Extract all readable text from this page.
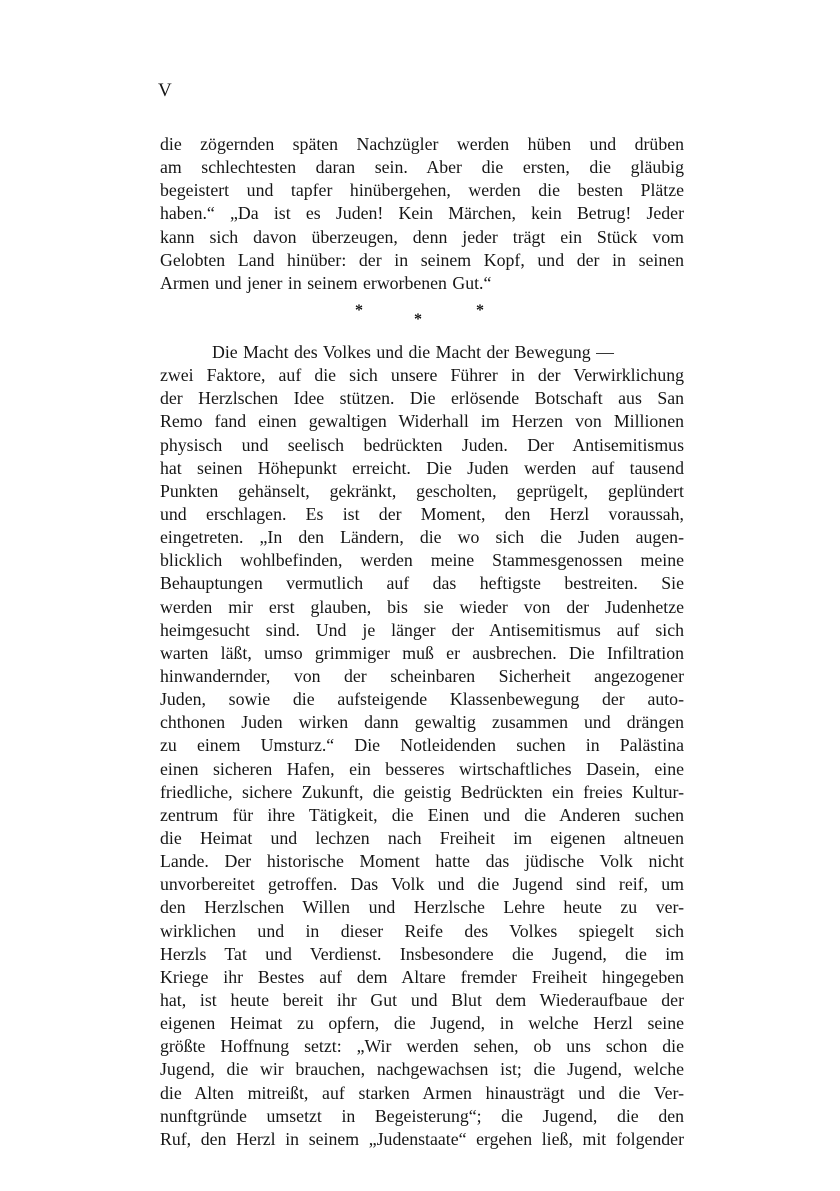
V
die zögernden späten Nachzügler werden hüben und drüben
am schlechtesten daran sein. Aber die ersten, die gläubig
begeistert und tapfer hinübergehen, werden die besten Plätze
haben.“ „Da ist es Juden! Kein Märchen, kein Betrug! Jeder
kann sich davon überzeugen, denn jeder trägt ein Stück vom
Gelobten Land hinüber: der in seinem Kopf, und der in seinen
Armen und jener in seinem erworbenen Gut.“
*
*
*
Die Macht des Volkes und die Macht der Bewegung —
zwei Faktore, auf die sich unsere Führer in der Verwirklichung
der Herzlschen Idee stützen. Die erlösende Botschaft aus San
Remo fand einen gewaltigen Widerhall im Herzen von Millionen
physisch und seelisch bedrückten Juden. Der Antisemitismus
hat seinen Höhepunkt erreicht. Die Juden werden auf tausend
Punkten gehänselt, gekränkt, gescholten, geprügelt, geplündert
und erschlagen. Es ist der Moment, den Herzl voraussah,
eingetreten. „In den Ländern, die wo sich die Juden augen-
blicklich wohlbefinden, werden meine Stammesgenossen meine
Behauptungen vermutlich auf das heftigste bestreiten. Sie
werden mir erst glauben, bis sie wieder von der Judenhetze
heimgesucht sind. Und je länger der Antisemitismus auf sich
warten läßt, umso grimmiger muß er ausbrechen. Die Infiltration
hinwandernder, von der scheinbaren Sicherheit angezogener
Juden, sowie die aufsteigende Klassenbewegung der auto-
chthonen Juden wirken dann gewaltig zusammen und drängen
zu einem Umsturz.“ Die Notleidenden suchen in Palästina
einen sicheren Hafen, ein besseres wirtschaftliches Dasein, eine
friedliche, sichere Zukunft, die geistig Bedrückten ein freies Kultur-
zentrum für ihre Tätigkeit, die Einen und die Anderen suchen
die Heimat und lechzen nach Freiheit im eigenen altneuen
Lande. Der historische Moment hatte das jüdische Volk nicht
unvorbereitet getroffen. Das Volk und die Jugend sind reif, um
den Herzlschen Willen und Herzlsche Lehre heute zu ver-
wirklichen und in dieser Reife des Volkes spiegelt sich
Herzls Tat und Verdienst. Insbesondere die Jugend, die im
Kriege ihr Bestes auf dem Altare fremder Freiheit hingegeben
hat, ist heute bereit ihr Gut und Blut dem Wiederaufbaue der
eigenen Heimat zu opfern, die Jugend, in welche Herzl seine
größte Hoffnung setzt: „Wir werden sehen, ob uns schon die
Jugend, die wir brauchen, nachgewachsen ist; die Jugend, welche
die Alten mitreißt, auf starken Armen hinausträgt und die Ver-
nunftgründe umsetzt in Begeisterung“; die Jugend, die den
Ruf, den Herzl in seinem „Judenstaate“ ergehen ließ, mit folgender
